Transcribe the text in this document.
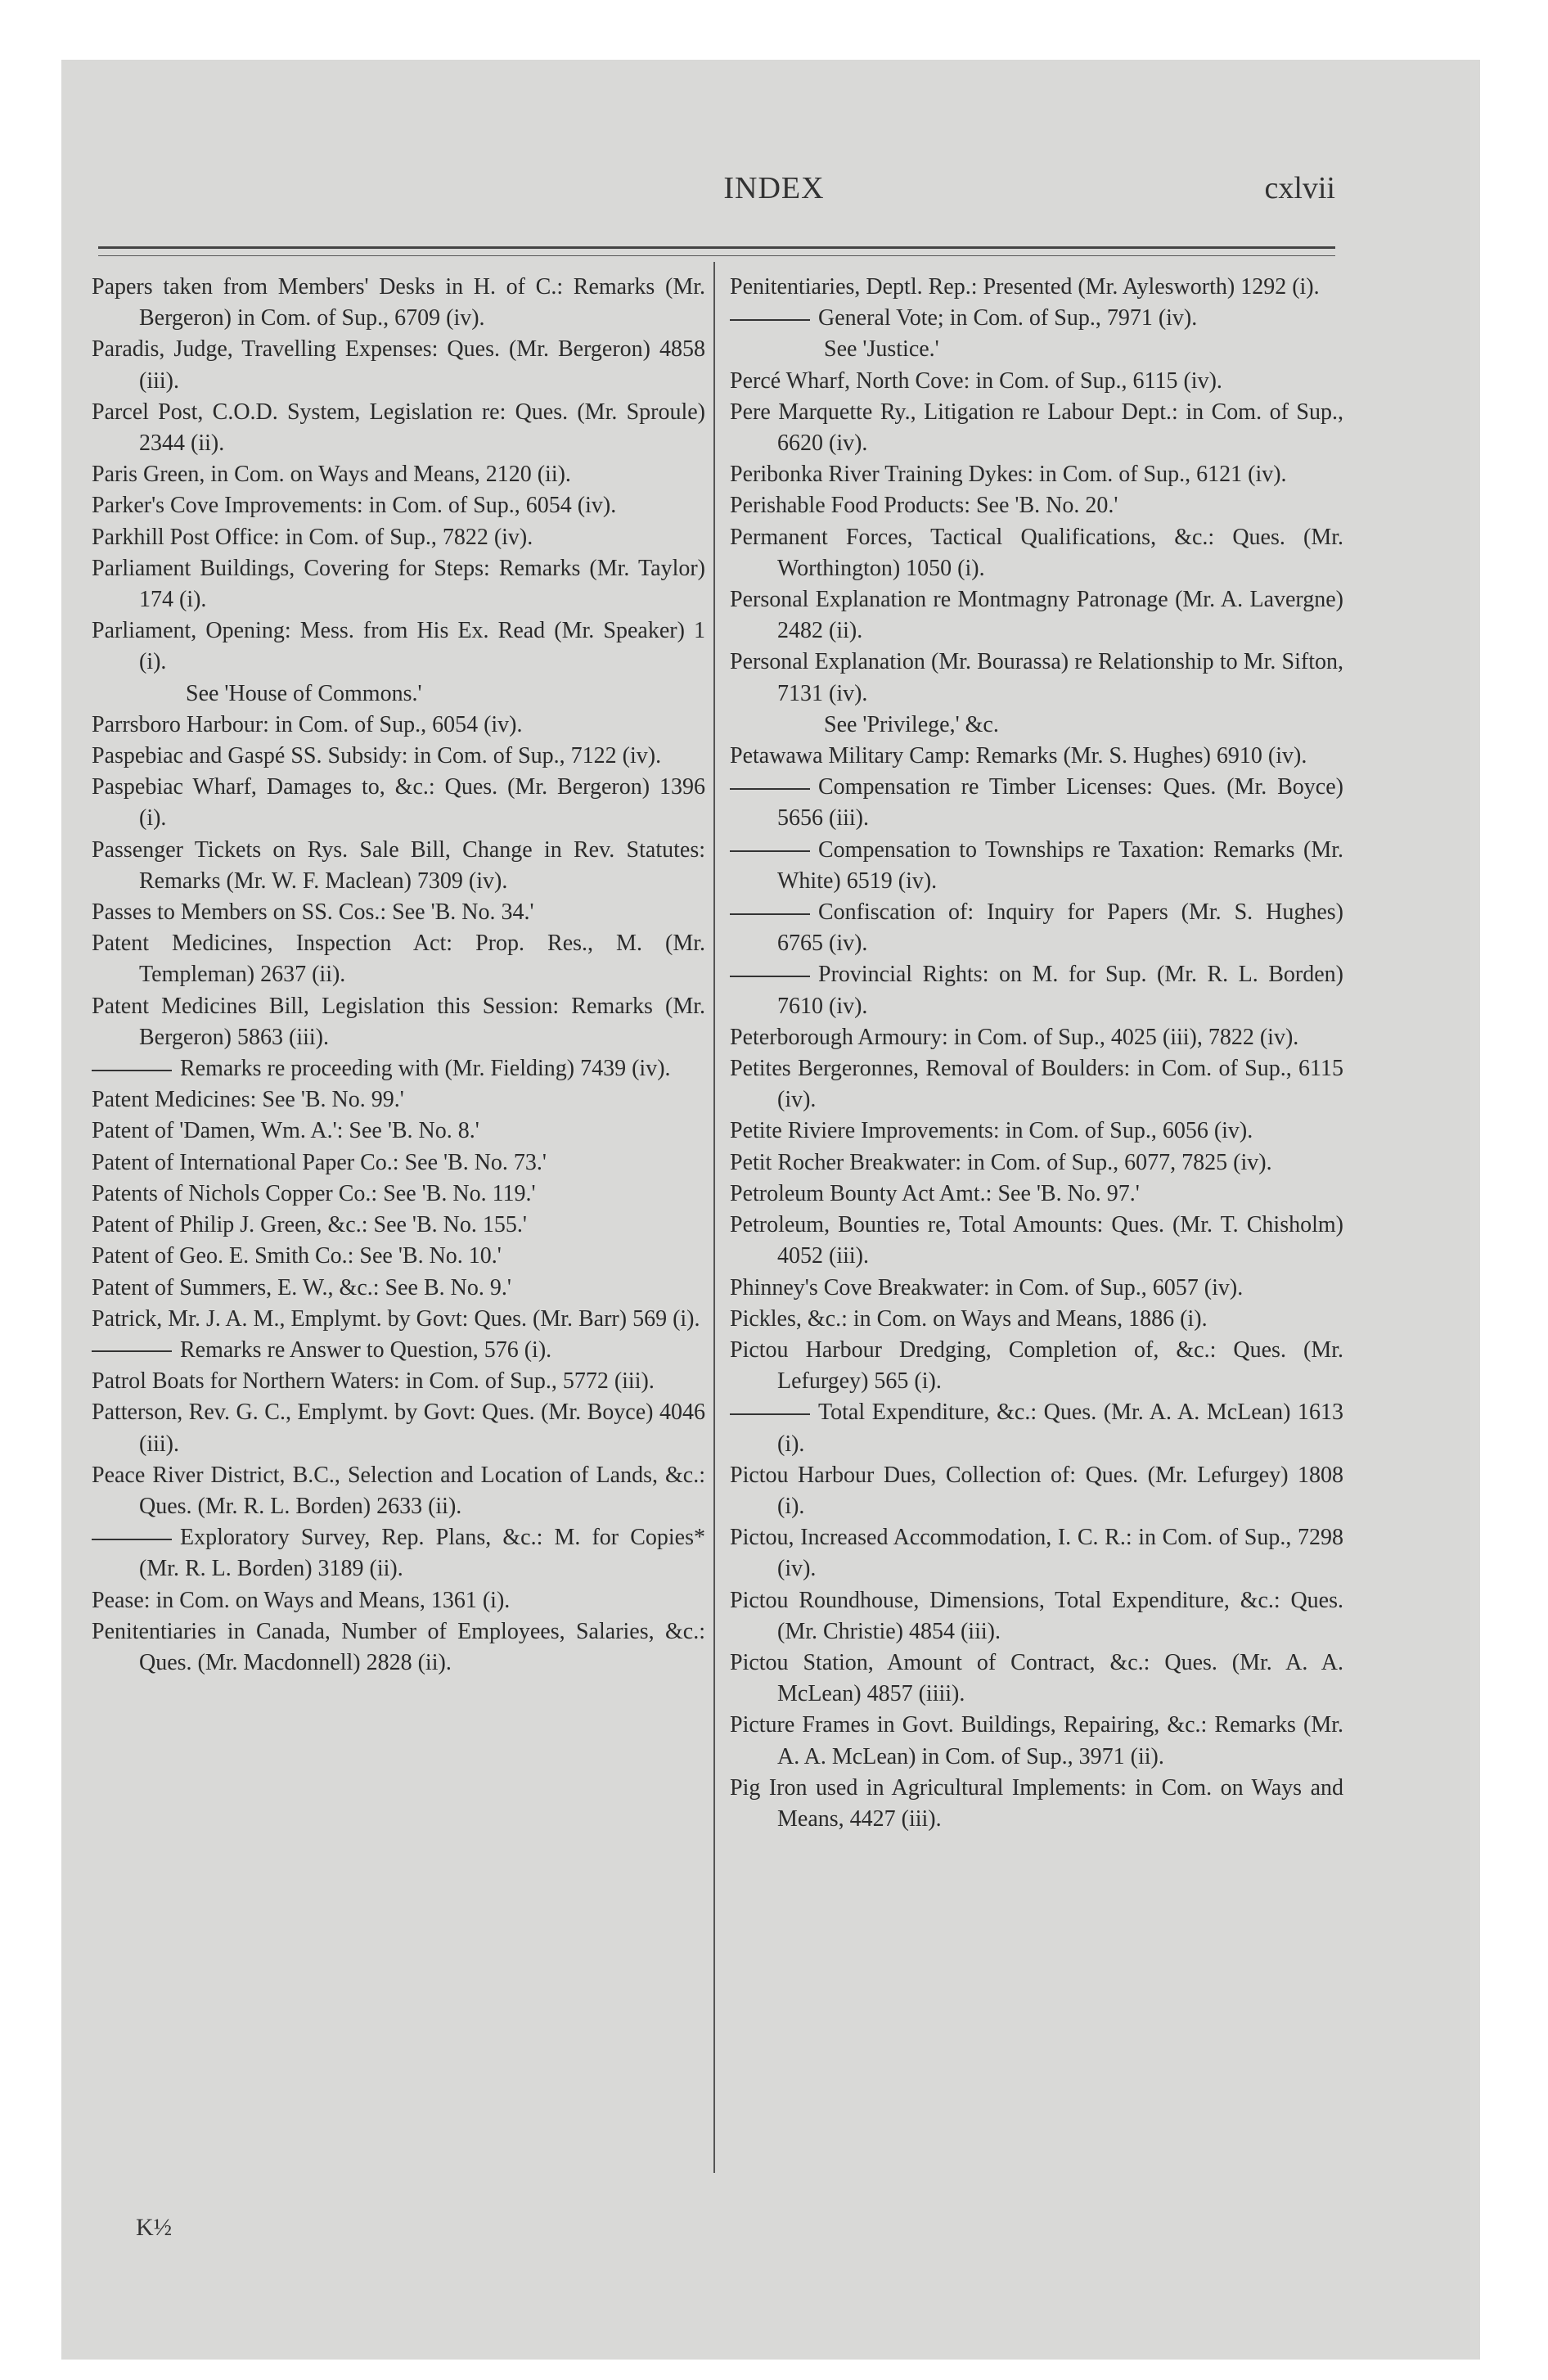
INDEX	cxlvii

Papers taken from Members' Desks in H. of C.: Remarks (Mr. Bergeron) in Com. of Sup., 6709 (iv).

Paradis, Judge, Travelling Expenses: Ques. (Mr. Bergeron) 4858 (iii).

Parcel Post, C.O.D. System, Legislation re: Ques. (Mr. Sproule) 2344 (ii).

Paris Green, in Com. on Ways and Means, 2120 (ii).

Parker's Cove Improvements: in Com. of Sup., 6054 (iv).

Parkhill Post Office: in Com. of Sup., 7822 (iv).

Parliament Buildings, Covering for Steps: Remarks (Mr. Taylor) 174 (i).

Parliament, Opening: Mess. from His Ex. Read (Mr. Speaker) 1 (i).

See 'House of Commons.'

Parrsboro Harbour: in Com. of Sup., 6054 (iv).

Paspebiac and Gaspé SS. Subsidy: in Com. of Sup., 7122 (iv).

Paspebiac Wharf, Damages to, &c.: Ques. (Mr. Bergeron) 1396 (i).

Passenger Tickets on Rys. Sale Bill, Change in Rev. Statutes: Remarks (Mr. W. F. Maclean) 7309 (iv).

Passes to Members on SS. Cos.: See 'B. No. 34.'

Patent Medicines, Inspection Act: Prop. Res., M. (Mr. Templeman) 2637 (ii).

Patent Medicines Bill, Legislation this Session: Remarks (Mr. Bergeron) 5863 (iii).

Remarks re proceeding with (Mr. Fielding) 7439 (iv).

Patent Medicines: See 'B. No. 99.'

Patent of 'Damen, Wm. A.': See 'B. No. 8.'

Patent of International Paper Co.: See 'B. No. 73.'

Patents of Nichols Copper Co.: See 'B. No. 119.'

Patent of Philip J. Green, &c.: See 'B. No. 155.'

Patent of Geo. E. Smith Co.: See 'B. No. 10.'

Patent of Summers, E. W., &c.: See B. No. 9.'

Patrick, Mr. J. A. M., Emplymt. by Govt: Ques. (Mr. Barr) 569 (i).

Remarks re Answer to Question, 576 (i).

Patrol Boats for Northern Waters: in Com. of Sup., 5772 (iii).

Patterson, Rev. G. C., Emplymt. by Govt: Ques. (Mr. Boyce) 4046 (iii).

Peace River District, B.C., Selection and Location of Lands, &c.: Ques. (Mr. R. L. Borden) 2633 (ii).

Exploratory Survey, Rep. Plans, &c.: M. for Copies* (Mr. R. L. Borden) 3189 (ii).

Pease: in Com. on Ways and Means, 1361 (i).

Penitentiaries in Canada, Number of Employees, Salaries, &c.: Ques. (Mr. Macdonnell) 2828 (ii).

Penitentiaries, Deptl. Rep.: Presented (Mr. Aylesworth) 1292 (i).

General Vote; in Com. of Sup., 7971 (iv).

See 'Justice.'

Percé Wharf, North Cove: in Com. of Sup., 6115 (iv).

Pere Marquette Ry., Litigation re Labour Dept.: in Com. of Sup., 6620 (iv).

Peribonka River Training Dykes: in Com. of Sup., 6121 (iv).

Perishable Food Products: See 'B. No. 20.'

Permanent Forces, Tactical Qualifications, &c.: Ques. (Mr. Worthington) 1050 (i).

Personal Explanation re Montmagny Patronage (Mr. A. Lavergne) 2482 (ii).

Personal Explanation (Mr. Bourassa) re Relationship to Mr. Sifton, 7131 (iv).

See 'Privilege,' &c.

Petawawa Military Camp: Remarks (Mr. S. Hughes) 6910 (iv).

Compensation re Timber Licenses: Ques. (Mr. Boyce) 5656 (iii).

Compensation to Townships re Taxation: Remarks (Mr. White) 6519 (iv).

Confiscation of: Inquiry for Papers (Mr. S. Hughes) 6765 (iv).

Provincial Rights: on M. for Sup. (Mr. R. L. Borden) 7610 (iv).

Peterborough Armoury: in Com. of Sup., 4025 (iii), 7822 (iv).

Petites Bergeronnes, Removal of Boulders: in Com. of Sup., 6115 (iv).

Petite Riviere Improvements: in Com. of Sup., 6056 (iv).

Petit Rocher Breakwater: in Com. of Sup., 6077, 7825 (iv).

Petroleum Bounty Act Amt.: See 'B. No. 97.'

Petroleum, Bounties re, Total Amounts: Ques. (Mr. T. Chisholm) 4052 (iii).

Phinney's Cove Breakwater: in Com. of Sup., 6057 (iv).

Pickles, &c.: in Com. on Ways and Means, 1886 (i).

Pictou Harbour Dredging, Completion of, &c.: Ques. (Mr. Lefurgey) 565 (i).

Total Expenditure, &c.: Ques. (Mr. A. A. McLean) 1613 (i).

Pictou Harbour Dues, Collection of: Ques. (Mr. Lefurgey) 1808 (i).

Pictou, Increased Accommodation, I. C. R.: in Com. of Sup., 7298 (iv).

Pictou Roundhouse, Dimensions, Total Expenditure, &c.: Ques. (Mr. Christie) 4854 (iii).

Pictou Station, Amount of Contract, &c.: Ques. (Mr. A. A. McLean) 4857 (iiii).

Picture Frames in Govt. Buildings, Repairing, &c.: Remarks (Mr. A. A. McLean) in Com. of Sup., 3971 (ii).

Pig Iron used in Agricultural Implements: in Com. on Ways and Means, 4427 (iii).

K½
